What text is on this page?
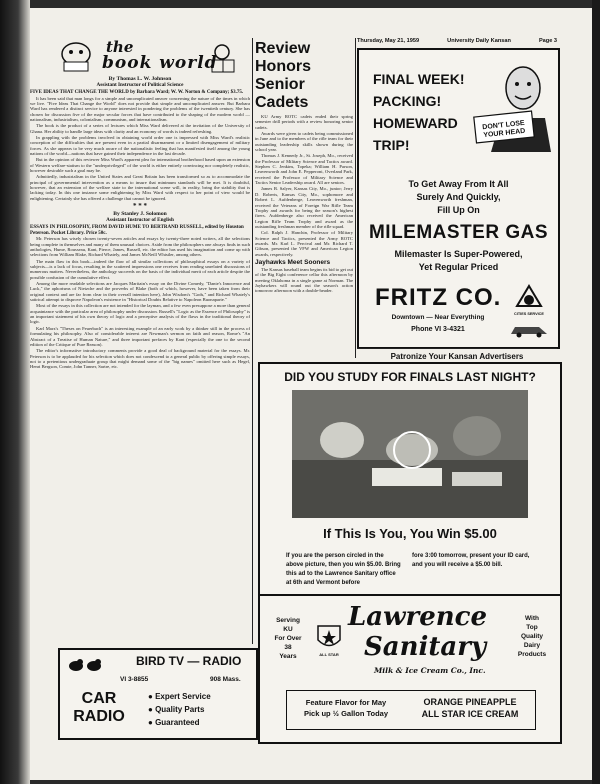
Thursday, May 21, 1959	University Daily Kansan	Page 3
the
book world
By Thomas L. W. Johnson
Assistant Instructor of Political Science
FIVE IDEAS THAT CHANGE THE WORLD by Barbara Ward; W. W. Norton & Company; $3.75.

It has been said that man longs for a simple and uncomplicated answer concerning the nature of the times in which we live. "Five Ideas That Change the World" does not provide that simple and uncomplicated answer. But Barbara Ward has rendered a distinct service to anyone interested in pondering the problems of the twentieth century. She has chosen for discussion five of the major secular forces that have contributed to the shaping of the modern world —nationalism, industrialism, colonialism, communism, and internationalism.

The book is the product of a series of lectures which Miss Ward delivered at the invitation of the University of Ghana. Her ability to handle large ideas with clarity and an economy of words is indeed refreshing.

In grappling with the problems involved in obtaining world order one is impressed with Miss Ward's realistic conception of the difficulties that are present even in a partial disarmament or a limited disengagement of military forces. As she appears to be very much aware of the nationalistic feeling that has manifested itself among the young nations of the world—nations that have gained their independence in the last decade.

But in the opinion of this reviewer Miss Ward's apparent plea for international brotherhood based upon an extension of Western welfare-statism to the "underprivileged" of the world is either entirely convincing nor completely realistic, however desirable such a goal may be.

Admittedly, industrialism in the United States and Great Britain has been transformed so as to accommodate the principal of governmental intervention as a means to insure that minimum standards will be met. It is doubtful, however, that an extension of the welfare state to the international scene will, in reality, bring the stability that is lacking today. In this one instance some enlightening by Miss Ward with respect to her point of view would be enlightening. Certainly she has offered a challenge that cannot be ignored.

* * *
By Stanley J. Solomon
Assistant Instructor of English
ESSAYS IN PHILOSOPHY, FROM DAVID HUME TO BERTRAND RUSSELL, edited by Houston Peterson. Pocket Library. Price 50c.

Mr. Peterson has wisely chosen twenty-seven articles and essays by twenty-three noted writers, all the selections being complete in themselves and many of them unusual choices. Aside from the philosophers one always finds in such anthologies, Hume, Rousseau, Kant, Pierce, James, Russell, etc. the editor has used his imagination and come up with selections from William Blake, Richard Whately, and James McNeill Whistler, among others.

The main flaw in this book—indeed the flaw of all similar collections of philosophical essays on a variety of subjects—is a lack of focus, resulting in the scattered impressions one receives from reading unrelated discussions of numerous matters. Nevertheless, the anthology succeeds on the basis of the individual merit of each article despite the possible confusion of the cumulative effect.

Among the more readable selections are Jacques Maritain's essay on the Divine Comedy, "Dante's Innocence and Luck," the aphorisms of Nietzche and the proverbs of Blake (both of which, however, have been taken from their original context and are far from clear in their overall intention here), John Wisdom's "Gods," and Richard Whately's satirical attempt to disprove Napoleon's existence in "Historical Doubts Relative to Napoleon Buonaparte."

Most of the essays in this collection are not intended for the layman, and a few even presuppose a more than general acquaintance with the particular area of philosophy under discussion. Russell's "Logic as the Essence of Philosophy" is an important statement of his own theory of logic and a perceptive analysis of the flaws in the traditional theory of logic.

Karl Marx's "Theses on Feuerbach" is an interesting example of an early work by a thinker still in the process of formulating his philosophy. Also of considerable interest are Newman's sermon on faith and reason, Rome's "An Abstract of a Treatise of Human Nature," and three important prefaces by Kant (especially the one to the second edition of the Critique of Pure Reason).

The editor's informative introductory comments provide a good deal of background material for the essays. Mr. Peterson is to be applauded for his selection which does not condescend to a general public by offering simple essays, not to a pretentious undergraduate group that might demand some of the "big names" omitted here such as Hegel, Henri Bergson, Comte, John Tanner, Sartre, etc.

Review Honors Senior Cadets

KU Army ROTC cadets ended their spring semester drill periods with a review honoring senior cadets.

Awards were given to cadets being commissioned in June and to the members of the rifle team for their outstanding leadership skills shown during the school year.

Thomas J. Kennedy Jr., St. Joseph, Mo., received the Professor of Military Science and Tactics award. Stephen C. Jenkins, Topeka; William H. Parson, Leavenworth and John E. Pepperoni, Overland Park, received the Professor of Military Science and Tactics Senior Leadership award. All are seniors.

James B. Salyer, Kansas City, Mo., junior; Jerry D. Roberts, Kansas City, Mo., sophomore and Robert L. Aufdenberge, Leavenworth freshman, received the Veterans of Foreign War Rifle Team Trophy and awards for being the season's highest firers. Aufdenberge also received the American Legion Rifle Team Trophy and award as the outstanding freshman member of the rifle squad.

Col. Ralph J. Hanchin, Professor of Military Science and Tactics, presented the Army ROTC awards. Mr. Karl L. Percival and Mr. Richard T. Gibson, presented the VFW and American Legion awards, respectively.

Jayhawks Meet Sooners

The Kansas baseball team begins its bid to get out of the Big Eight conference cellar this afternoon by meeting Oklahoma in a single game at Norman. The Jayhawkers will round out the season's action tomorrow afternoon with a double-header.

FINAL WEEK!
PACKING!
HOMEWARD
TRIP!
DON'T LOSE YOUR HEAD
To Get Away From It All
Surely And Quickly,
Fill Up On
MILEMASTER GAS
Milemaster Is Super-Powered,
Yet Regular Priced
FRITZ CO.
Downtown — Near Everything
Phone VI 3-4321
CITIES SERVICE
Patronize Your Kansan Advertisers
DID YOU STUDY FOR FINALS LAST NIGHT?
If This Is You, You Win $5.00
If you are the person circled in the above picture, then you win $5.00. Bring this ad to the Lawrence Sanitary office at 6th and Vermont before
fore 3:00 tomorrow, present your ID card, and you will receive a $5.00 bill.
Serving
KU
For Over
38
Years	ALL STAR
Lawrence
Sanitary
Milk & Ice Cream Co., Inc.
With
Top
Quality
Dairy
Products
Feature Flavor for May
Pick up ½ Gallon Today
ORANGE PINEAPPLE
ALL STAR ICE CREAM
BIRD TV — RADIO
VI 3-8855	908 Mass.
CAR
RADIO
● Expert Service
● Quality Parts
● Guaranteed
